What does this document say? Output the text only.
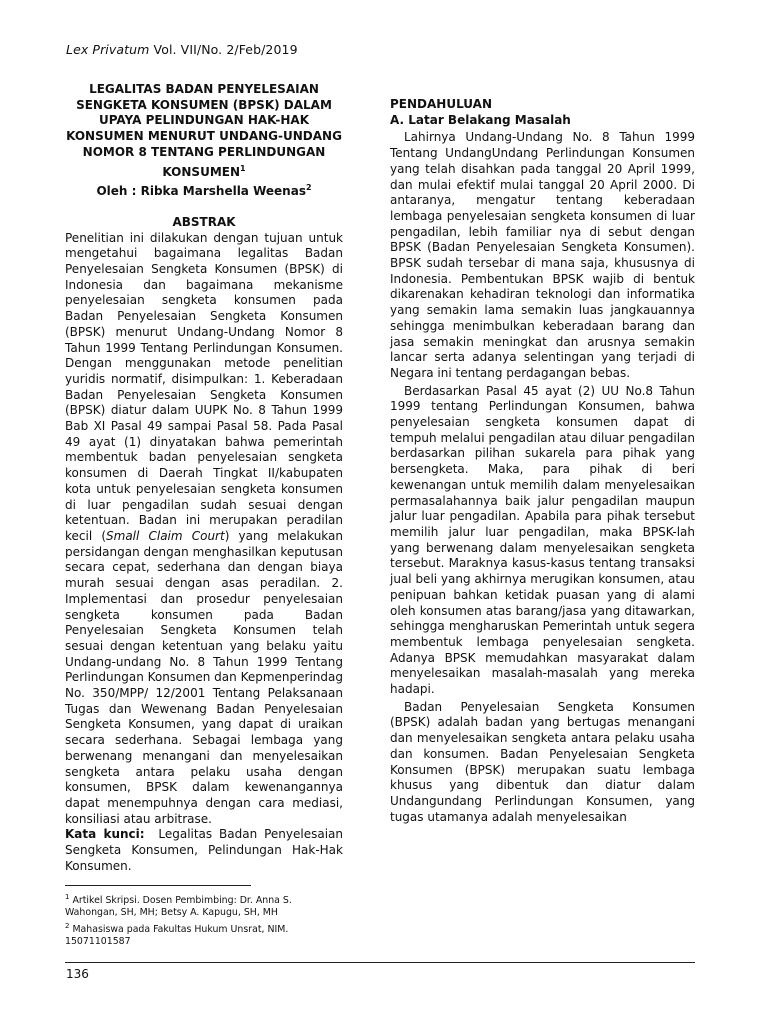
Lex Privatum Vol. VII/No. 2/Feb/2019

LEGALITAS BADAN PENYELESAIAN SENGKETA KONSUMEN (BPSK) DALAM UPAYA PELINDUNGAN HAK-HAK KONSUMEN MENURUT UNDANG-UNDANG NOMOR 8 TENTANG PERLINDUNGAN KONSUMEN$^1$

Oleh : Ribka Marshella Weenas$^2$

ABSTRAK

Penelitian ini dilakukan dengan tujuan untuk mengetahui bagaimana legalitas Badan Penyelesaian Sengketa Konsumen (BPSK) di Indonesia dan bagaimana mekanisme penyelesaian sengketa konsumen pada Badan Penyelesaian Sengketa Konsumen (BPSK) menurut Undang-Undang Nomor 8 Tahun 1999 Tentang Perlindungan Konsumen. Dengan menggunakan metode penelitian yuridis normatif, disimpulkan: 1. Keberadaan Badan Penyelesaian Sengketa Konsumen (BPSK) diatur dalam UUPK No. 8 Tahun 1999 Bab XI Pasal 49 sampai Pasal 58. Pada Pasal 49 ayat (1) dinyatakan bahwa pemerintah membentuk badan penyelesaian sengketa konsumen di Daerah Tingkat II/kabupaten kota untuk penyelesaian sengketa konsumen di luar pengadilan sudah sesuai dengan ketentuan. Badan ini merupakan peradilan kecil (Small Claim Court) yang melakukan persidangan dengan menghasilkan keputusan secara cepat, sederhana dan dengan biaya murah sesuai dengan asas peradilan. 2. Implementasi dan prosedur penyelesaian sengketa konsumen pada Badan Penyelesaian Sengketa Konsumen telah sesuai dengan ketentuan yang belaku yaitu Undang-undang No. 8 Tahun 1999 Tentang Perlindungan Konsumen dan Kepmenperindag No. 350/MPP/ 12/2001 Tentang Pelaksanaan Tugas dan Wewenang Badan Penyelesaian Sengketa Konsumen, yang dapat di uraikan secara sederhana. Sebagai lembaga yang berwenang menangani dan menyelesaikan sengketa antara pelaku usaha dengan konsumen, BPSK dalam kewenangannya dapat menempuhnya dengan cara mediasi, konsiliasi atau arbitrase.

Kata kunci: Legalitas Badan Penyelesaian Sengketa Konsumen, Pelindungan Hak-Hak Konsumen.

$^1$ Artikel Skripsi. Dosen Pembimbing: Dr. Anna S. Wahongan, SH, MH; Betsy A. Kapugu, SH, MH

$^2$ Mahasiswa pada Fakultas Hukum Unsrat, NIM. 15071101587

PENDAHULUAN

A. Latar Belakang Masalah

Lahirnya Undang-Undang No. 8 Tahun 1999 Tentang UndangUndang Perlindungan Konsumen yang telah disahkan pada tanggal 20 April 1999, dan mulai efektif mulai tanggal 20 April 2000. Di antaranya, mengatur tentang keberadaan lembaga penyelesaian sengketa konsumen di luar pengadilan, lebih familiar nya di sebut dengan BPSK (Badan Penyelesaian Sengketa Konsumen). BPSK sudah tersebar di mana saja, khususnya di Indonesia. Pembentukan BPSK wajib di bentuk dikarenakan kehadiran teknologi dan informatika yang semakin lama semakin luas jangkauannya sehingga menimbulkan keberadaan barang dan jasa semakin meningkat dan arusnya semakin lancar serta adanya selentingan yang terjadi di Negara ini tentang perdagangan bebas.

Berdasarkan Pasal 45 ayat (2) UU No.8 Tahun 1999 tentang Perlindungan Konsumen, bahwa penyelesaian sengketa konsumen dapat di tempuh melalui pengadilan atau diluar pengadilan berdasarkan pilihan sukarela para pihak yang bersengketa. Maka, para pihak di beri kewenangan untuk memilih dalam menyelesaikan permasalahannya baik jalur pengadilan maupun jalur luar pengadilan. Apabila para pihak tersebut memilih jalur luar pengadilan, maka BPSK-lah yang berwenang dalam menyelesaikan sengketa tersebut. Maraknya kasus-kasus tentang transaksi jual beli yang akhirnya merugikan konsumen, atau penipuan bahkan ketidak puasan yang di alami oleh konsumen atas barang/jasa yang ditawarkan, sehingga mengharuskan Pemerintah untuk segera membentuk lembaga penyelesaian sengketa. Adanya BPSK memudahkan masyarakat dalam menyelesaikan masalah-masalah yang mereka hadapi.

Badan Penyelesaian Sengketa Konsumen (BPSK) adalah badan yang bertugas menangani dan menyelesaikan sengketa antara pelaku usaha dan konsumen. Badan Penyelesaian Sengketa Konsumen (BPSK) merupakan suatu lembaga khusus yang dibentuk dan diatur dalam Undangundang Perlindungan Konsumen, yang tugas utamanya adalah menyelesaikan

136
